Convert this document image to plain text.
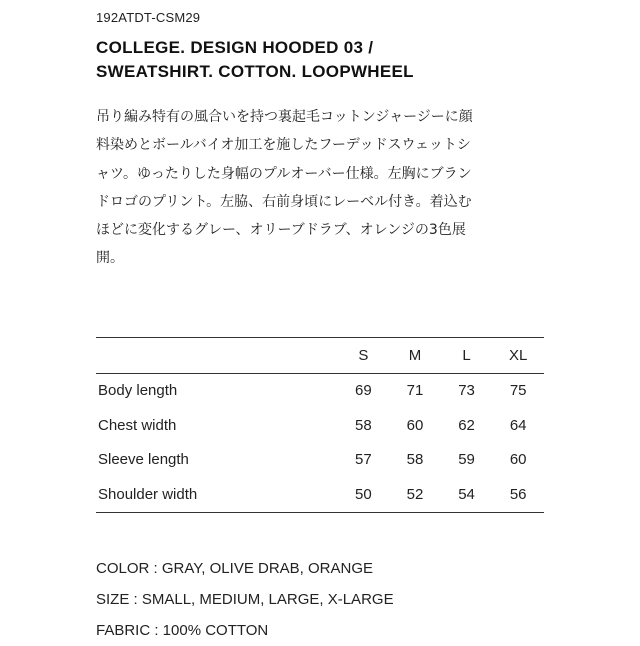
192ATDT-CSM29
COLLEGE. DESIGN HOODED 03 /
SWEATSHIRT. COTTON. LOOPWHEEL
吊り編み特有の風合いを持つ裏起毛コットンジャージーに顔
料染めとボールバイオ加工を施したフーデッドスウェットシ
ャツ。ゆったりした身幅のプルオーバー仕様。左胸にブラン
ドロゴのプリント。左脇、右前身頃にレーベル付き。着込む
ほどに変化するグレー、オリーブドラブ、オレンジの3色展
開。
	S	M	L	XL
Body length	69	71	73	75
Chest width	58	60	62	64
Sleeve length	57	58	59	60
Shoulder width	50	52	54	56
COLOR : GRAY, OLIVE DRAB, ORANGE
SIZE : SMALL, MEDIUM, LARGE, X-LARGE
FABRIC : 100% COTTON
